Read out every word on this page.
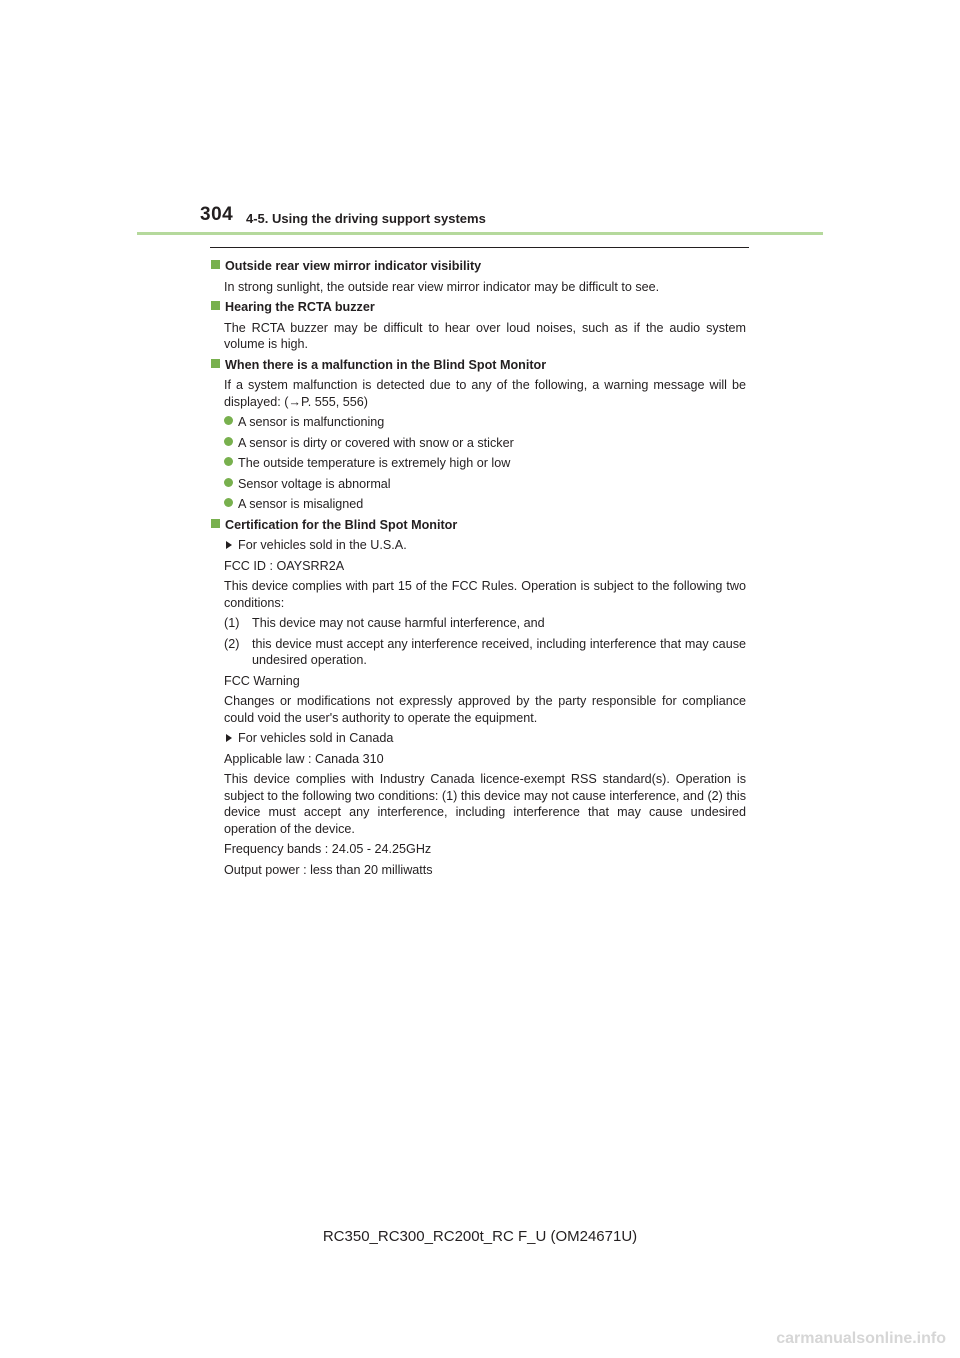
304 4-5. Using the driving support systems
Outside rear view mirror indicator visibility
In strong sunlight, the outside rear view mirror indicator may be difficult to see.
Hearing the RCTA buzzer
The RCTA buzzer may be difficult to hear over loud noises, such as if the audio system volume is high.
When there is a malfunction in the Blind Spot Monitor
If a system malfunction is detected due to any of the following, a warning message will be displayed: (→P. 555, 556)
A sensor is malfunctioning
A sensor is dirty or covered with snow or a sticker
The outside temperature is extremely high or low
Sensor voltage is abnormal
A sensor is misaligned
Certification for the Blind Spot Monitor
For vehicles sold in the U.S.A.
FCC ID : OAYSRR2A
This device complies with part 15 of the FCC Rules. Operation is subject to the following two conditions:
(1) This device may not cause harmful interference, and
(2) this device must accept any interference received, including interference that may cause undesired operation.
FCC Warning
Changes or modifications not expressly approved by the party responsible for compliance could void the user's authority to operate the equipment.
For vehicles sold in Canada
Applicable law : Canada 310
This device complies with Industry Canada licence-exempt RSS standard(s). Operation is subject to the following two conditions: (1) this device may not cause interference, and (2) this device must accept any interference, including interference that may cause undesired operation of the device.
Frequency bands : 24.05 - 24.25GHz
Output power : less than 20 milliwatts
RC350_RC300_RC200t_RC F_U (OM24671U)
carmanualsonline.info
